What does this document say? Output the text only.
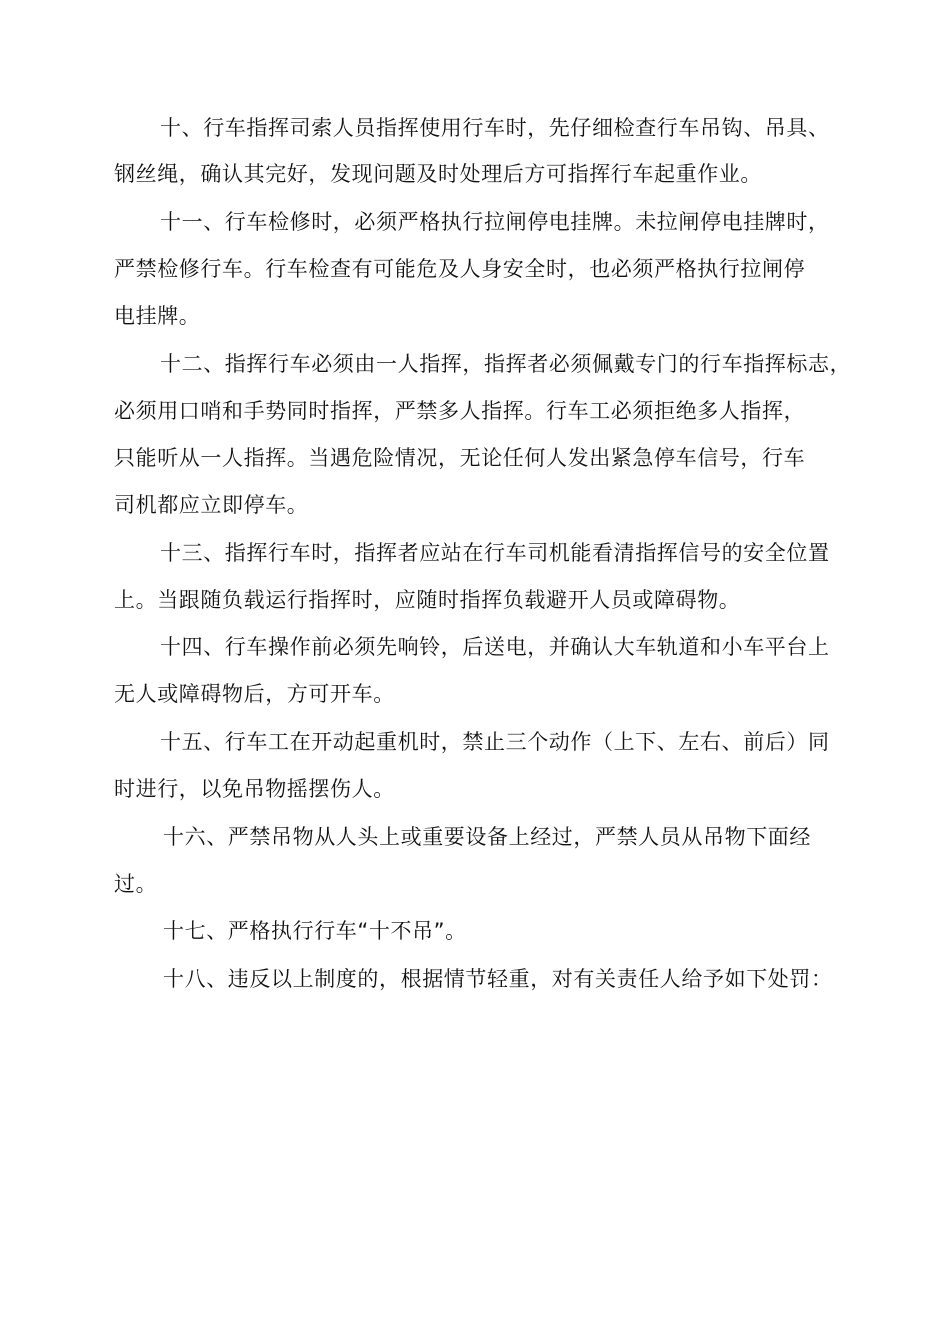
十、行车指挥司索人员指挥使用行车时，先仔细检查行车吊钩、吊具、
钢丝绳，确认其完好，发现问题及时处理后方可指挥行车起重作业。
十一、行车检修时，必须严格执行拉闸停电挂牌。未拉闸停电挂牌时，
严禁检修行车。行车检查有可能危及人身安全时，也必须严格执行拉闸停
电挂牌。
十二、指挥行车必须由一人指挥，指挥者必须佩戴专门的行车指挥标志，
必须用口哨和手势同时指挥，严禁多人指挥。行车工必须拒绝多人指挥，
只能听从一人指挥。当遇危险情况，无论任何人发出紧急停车信号，行车
司机都应立即停车。
十三、指挥行车时，指挥者应站在行车司机能看清指挥信号的安全位置
上。当跟随负载运行指挥时，应随时指挥负载避开人员或障碍物。
十四、行车操作前必须先响铃，后送电，并确认大车轨道和小车平台上
无人或障碍物后，方可开车。
十五、行车工在开动起重机时，禁止三个动作（上下、左右、前后）同
时进行，以免吊物摇摆伤人。
十六、严禁吊物从人头上或重要设备上经过，严禁人员从吊物下面经
过。
十七、严格执行行车“十不吊”。
十八、违反以上制度的，根据情节轻重，对有关责任人给予如下处罚：
